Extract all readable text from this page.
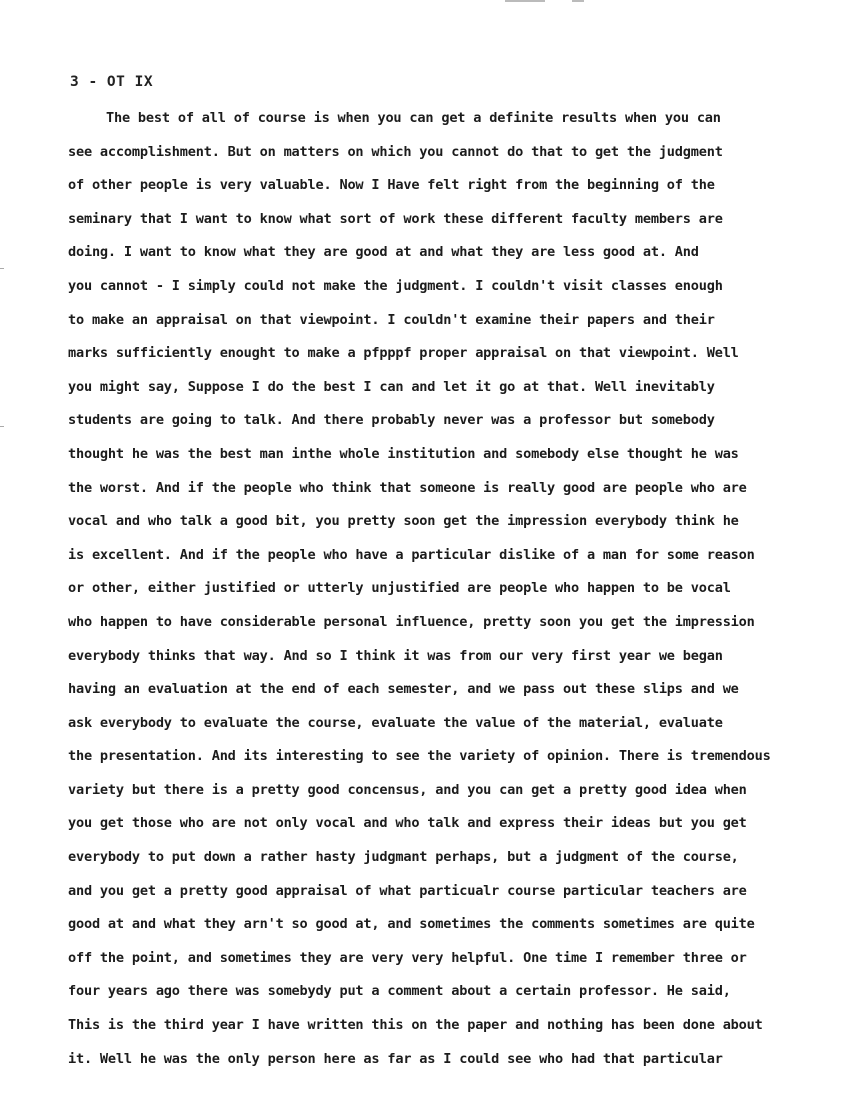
3 - OT IX
The best of all of course is when you can get a definite results when you can
see accomplishment. But on matters on which you cannot do that to get the judgment
of other people is very valuable. Now I Have felt right from the beginning of the
seminary that I want to know what sort of work these different faculty members are
doing. I want to know what they are good at and what they are less good at. And
you cannot - I simply could not make the judgment. I couldn't visit classes enough
to make an appraisal on that viewpoint. I couldn't examine their papers and their
marks sufficiently enought to make a pfpppf proper appraisal on that viewpoint. Well
you might say, Suppose I do the best I can and let it go at that. Well inevitably
students are going to talk. And there probably never was a professor but somebody
thought he was the best man inthe whole institution and somebody else thought he was
the worst. And if the people who think that someone is really good are people who are
vocal and who talk a good bit, you pretty soon get the impression everybody think he
is excellent. And if the people who have a particular dislike of a man for some reason
or other, either justified or utterly unjustified are people who happen to be vocal
who happen to have considerable personal influence, pretty soon you get the impression
everybody thinks that way. And so I think it was from our very first year we began
having an evaluation at the end of each semester, and we pass out these slips and we
ask everybody to evaluate the course, evaluate the value of the material, evaluate
the presentation. And its interesting to see the variety of opinion. There is tremendous
variety but there is a pretty good concensus, and you can get a pretty good idea when
you get those who are not only vocal and who talk and express their ideas but you get
everybody to put down a rather hasty judgmant perhaps, but a judgment of the course,
and you get a pretty good appraisal of what particualr course particular teachers are
good at and what they arn't so good at, and sometimes the comments sometimes are quite
off the point, and sometimes they are very very helpful. One time I remember three or
four years ago there was somebydy put a comment about a certain professor. He said,
This is the third year I have written this on the paper and nothing has been done about
it. Well he was the only person here as far as I could see who had that particular
